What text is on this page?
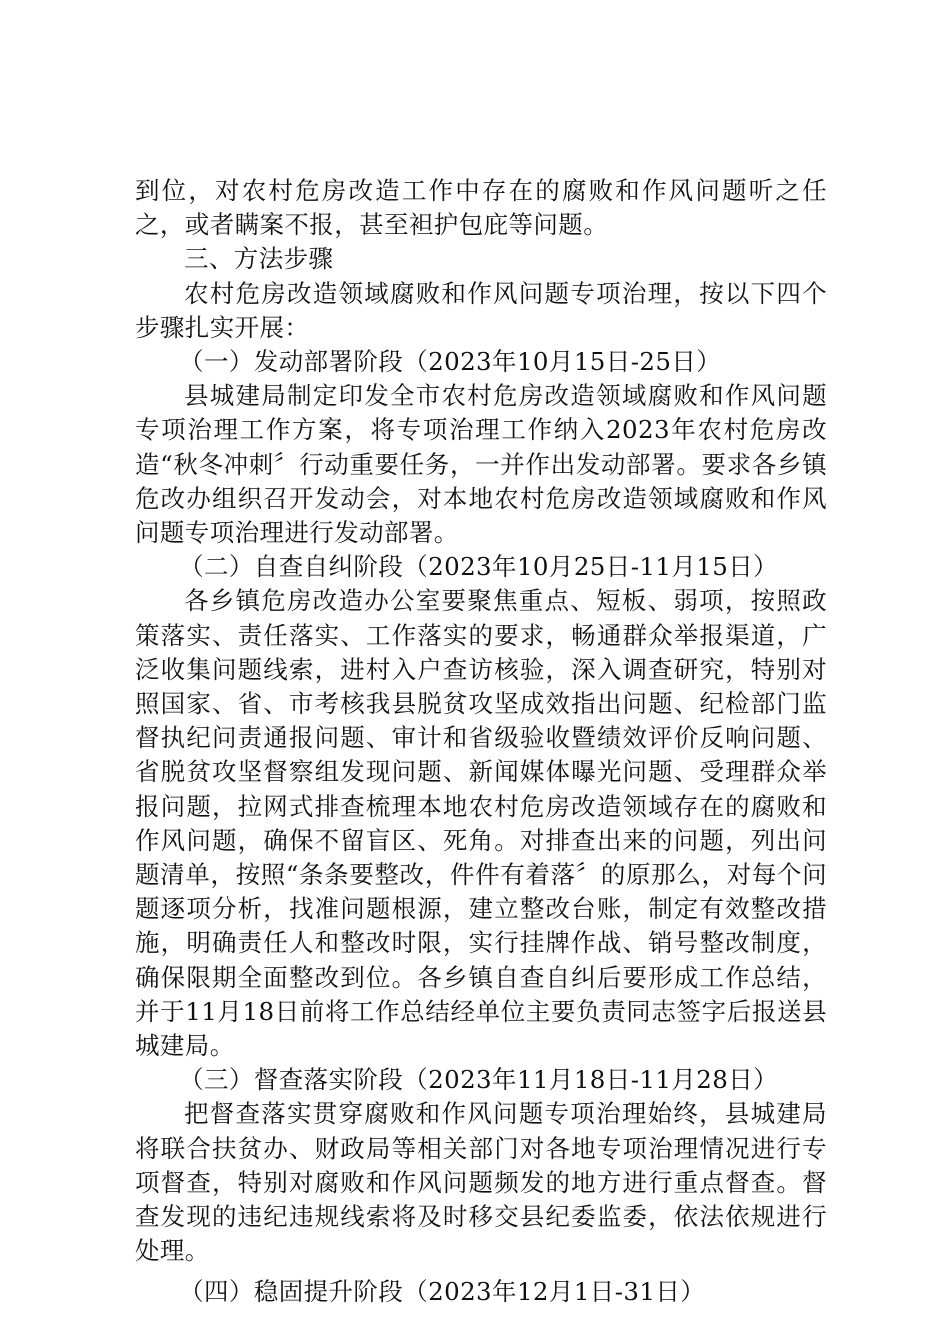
到位，对农村危房改造工作中存在的腐败和作风问题听之任之，或者瞒案不报，甚至袒护包庇等问题。

三、方法步骤

农村危房改造领域腐败和作风问题专项治理，按以下四个步骤扎实开展：

（一）发动部署阶段（2023年10月15日-25日）

县城建局制定印发全市农村危房改造领域腐败和作风问题专项治理工作方案，将专项治理工作纳入2023年农村危房改造“秋冬冲刺〞行动重要任务，一并作出发动部署。要求各乡镇危改办组织召开发动会，对本地农村危房改造领域腐败和作风问题专项治理进行发动部署。

（二）自查自纠阶段（2023年10月25日-11月15日）

各乡镇危房改造办公室要聚焦重点、短板、弱项，按照政策落实、责任落实、工作落实的要求，畅通群众举报渠道，广泛收集问题线索，进村入户查访核验，深入调查研究，特别对照国家、省、市考核我县脱贫攻坚成效指出问题、纪检部门监督执纪问责通报问题、审计和省级验收暨绩效评价反响问题、省脱贫攻坚督察组发现问题、新闻媒体曝光问题、受理群众举报问题，拉网式排查梳理本地农村危房改造领域存在的腐败和作风问题，确保不留盲区、死角。对排查出来的问题，列出问题清单，按照“条条要整改，件件有着落〞的原那么，对每个问题逐项分析，找准问题根源，建立整改台账，制定有效整改措施，明确责任人和整改时限，实行挂牌作战、销号整改制度，确保限期全面整改到位。各乡镇自查自纠后要形成工作总结，并于11月18日前将工作总结经单位主要负责同志签字后报送县城建局。

（三）督查落实阶段（2023年11月18日-11月28日）

把督查落实贯穿腐败和作风问题专项治理始终，县城建局将联合扶贫办、财政局等相关部门对各地专项治理情况进行专项督查，特别对腐败和作风问题频发的地方进行重点督查。督查发现的违纪违规线索将及时移交县纪委监委，依法依规进行处理。

（四）稳固提升阶段（2023年12月1日-31日）
